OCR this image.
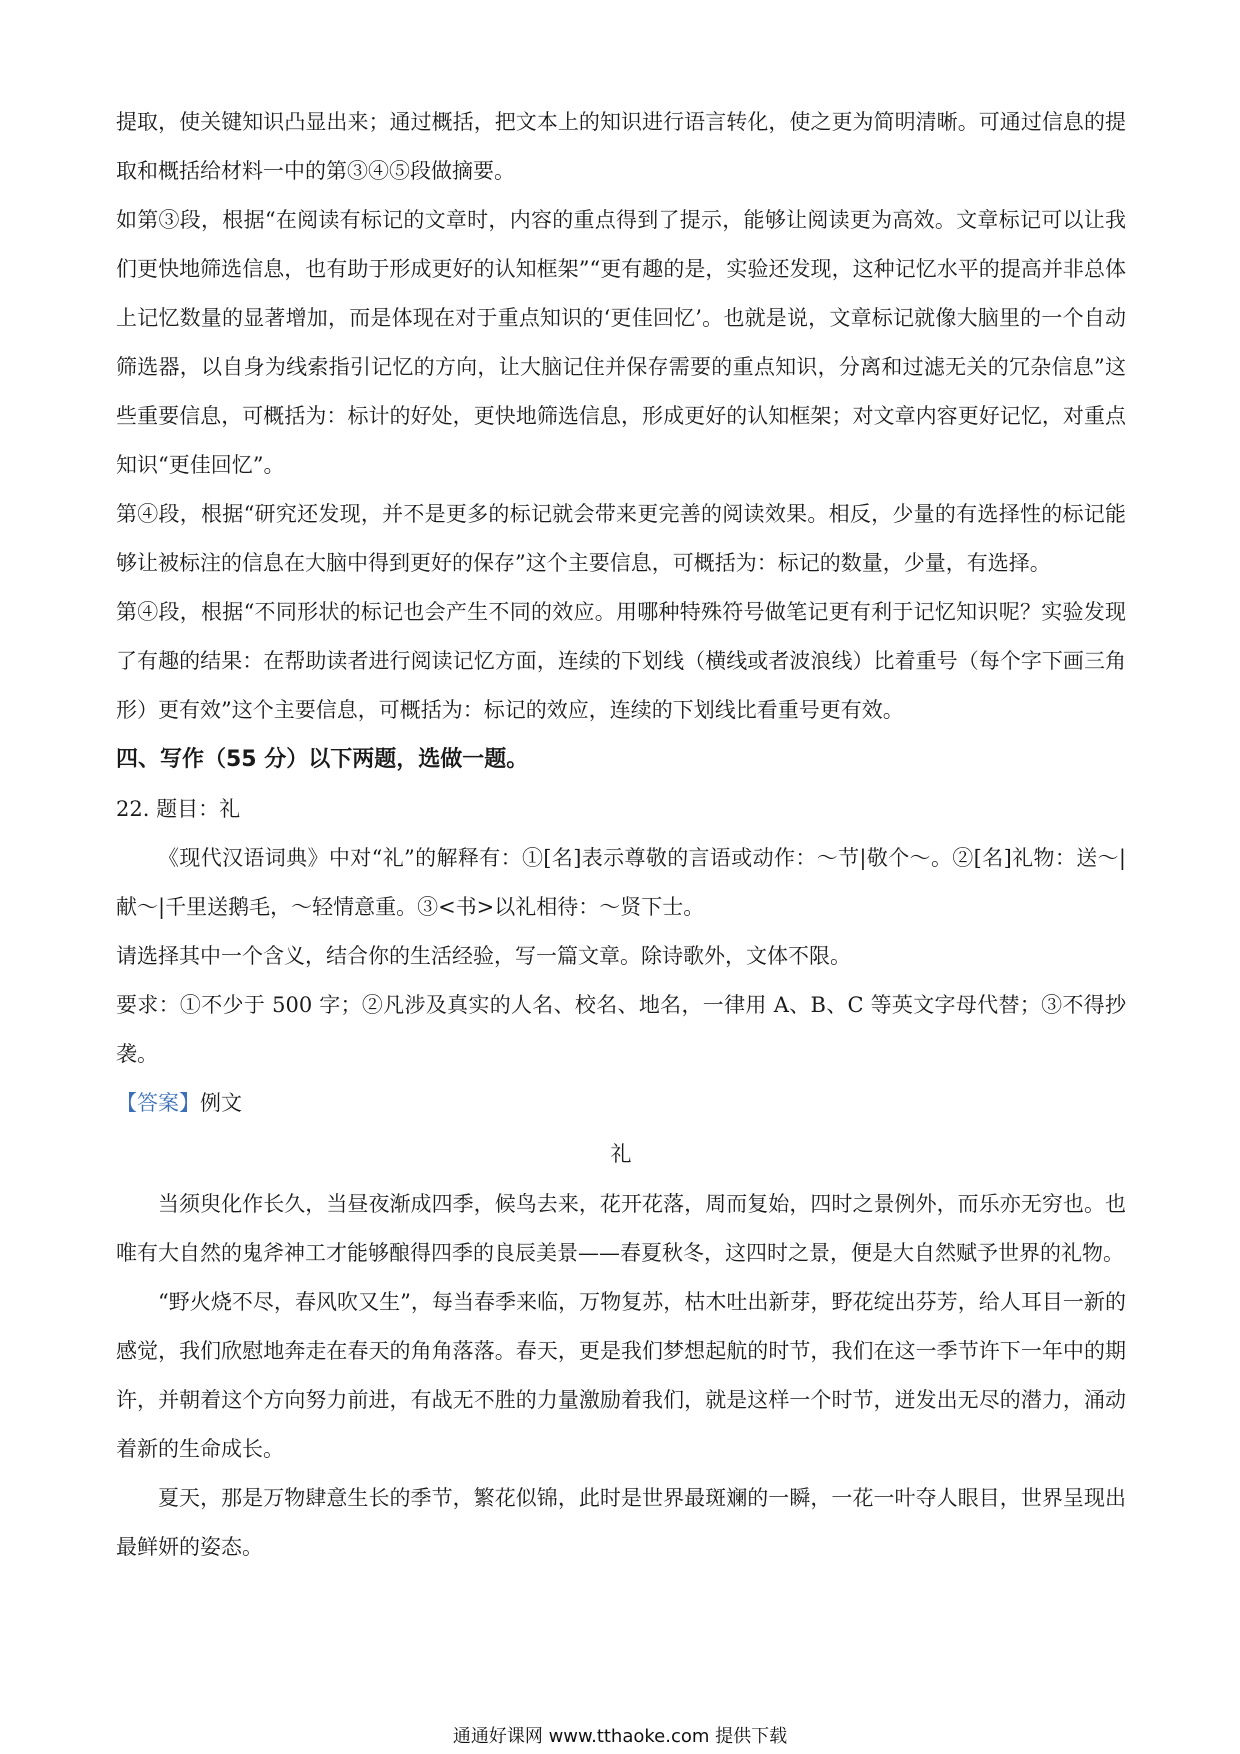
提取，使关键知识凸显出来；通过概括，把文本上的知识进行语言转化，使之更为简明清晰。可通过信息的提取和概括给材料一中的第③④⑤段做摘要。

如第③段，根据“在阅读有标记的文章时，内容的重点得到了提示，能够让阅读更为高效。文章标记可以让我们更快地筛选信息，也有助于形成更好的认知框架”“更有趣的是，实验还发现，这种记忆水平的提高并非总体上记忆数量的显著增加，而是体现在对于重点知识的‘更佳回忆’。也就是说，文章标记就像大脑里的一个自动筛选器，以自身为线索指引记忆的方向，让大脑记住并保存需要的重点知识，分离和过滤无关的冗杂信息”这些重要信息，可概括为：标计的好处，更快地筛选信息，形成更好的认知框架；对文章内容更好记忆，对重点知识“更佳回忆”。

第④段，根据“研究还发现，并不是更多的标记就会带来更完善的阅读效果。相反，少量的有选择性的标记能够让被标注的信息在大脑中得到更好的保存”这个主要信息，可概括为：标记的数量，少量，有选择。

第④段，根据“不同形状的标记也会产生不同的效应。用哪种特殊符号做笔记更有利于记忆知识呢？实验发现了有趣的结果：在帮助读者进行阅读记忆方面，连续的下划线（横线或者波浪线）比着重号（每个字下画三角形）更有效”这个主要信息，可概括为：标记的效应，连续的下划线比看重号更有效。

四、写作（55 分）以下两题，选做一题。

22. 题目：礼

《现代汉语词典》中对“礼”的解释有：①[名]表示尊敬的言语或动作：～节|敬个～。②[名]礼物：送～|献～|千里送鹅毛，～轻情意重。③<书>以礼相待：～贤下士。

请选择其中一个含义，结合你的生活经验，写一篇文章。除诗歌外，文体不限。

要求：①不少于 500 字；②凡涉及真实的人名、校名、地名，一律用 A、B、C 等英文字母代替；③不得抄袭。

【答案】例文

礼

当须臾化作长久，当昼夜渐成四季，候鸟去来，花开花落，周而复始，四时之景例外，而乐亦无穷也。也唯有大自然的鬼斧神工才能够酿得四季的良辰美景——春夏秋冬，这四时之景，便是大自然赋予世界的礼物。

“野火烧不尽，春风吹又生”，每当春季来临，万物复苏，枯木吐出新芽，野花绽出芬芳，给人耳目一新的感觉，我们欣慰地奔走在春天的角角落落。春天，更是我们梦想起航的时节，我们在这一季节许下一年中的期许，并朝着这个方向努力前进，有战无不胜的力量激励着我们，就是这样一个时节，迸发出无尽的潜力，涌动着新的生命成长。

夏天，那是万物肆意生长的季节，繁花似锦，此时是世界最斑斓的一瞬，一花一叶夺人眼目，世界呈现出最鲜妍的姿态。

通通好课网 www.tthaoke.com 提供下载
